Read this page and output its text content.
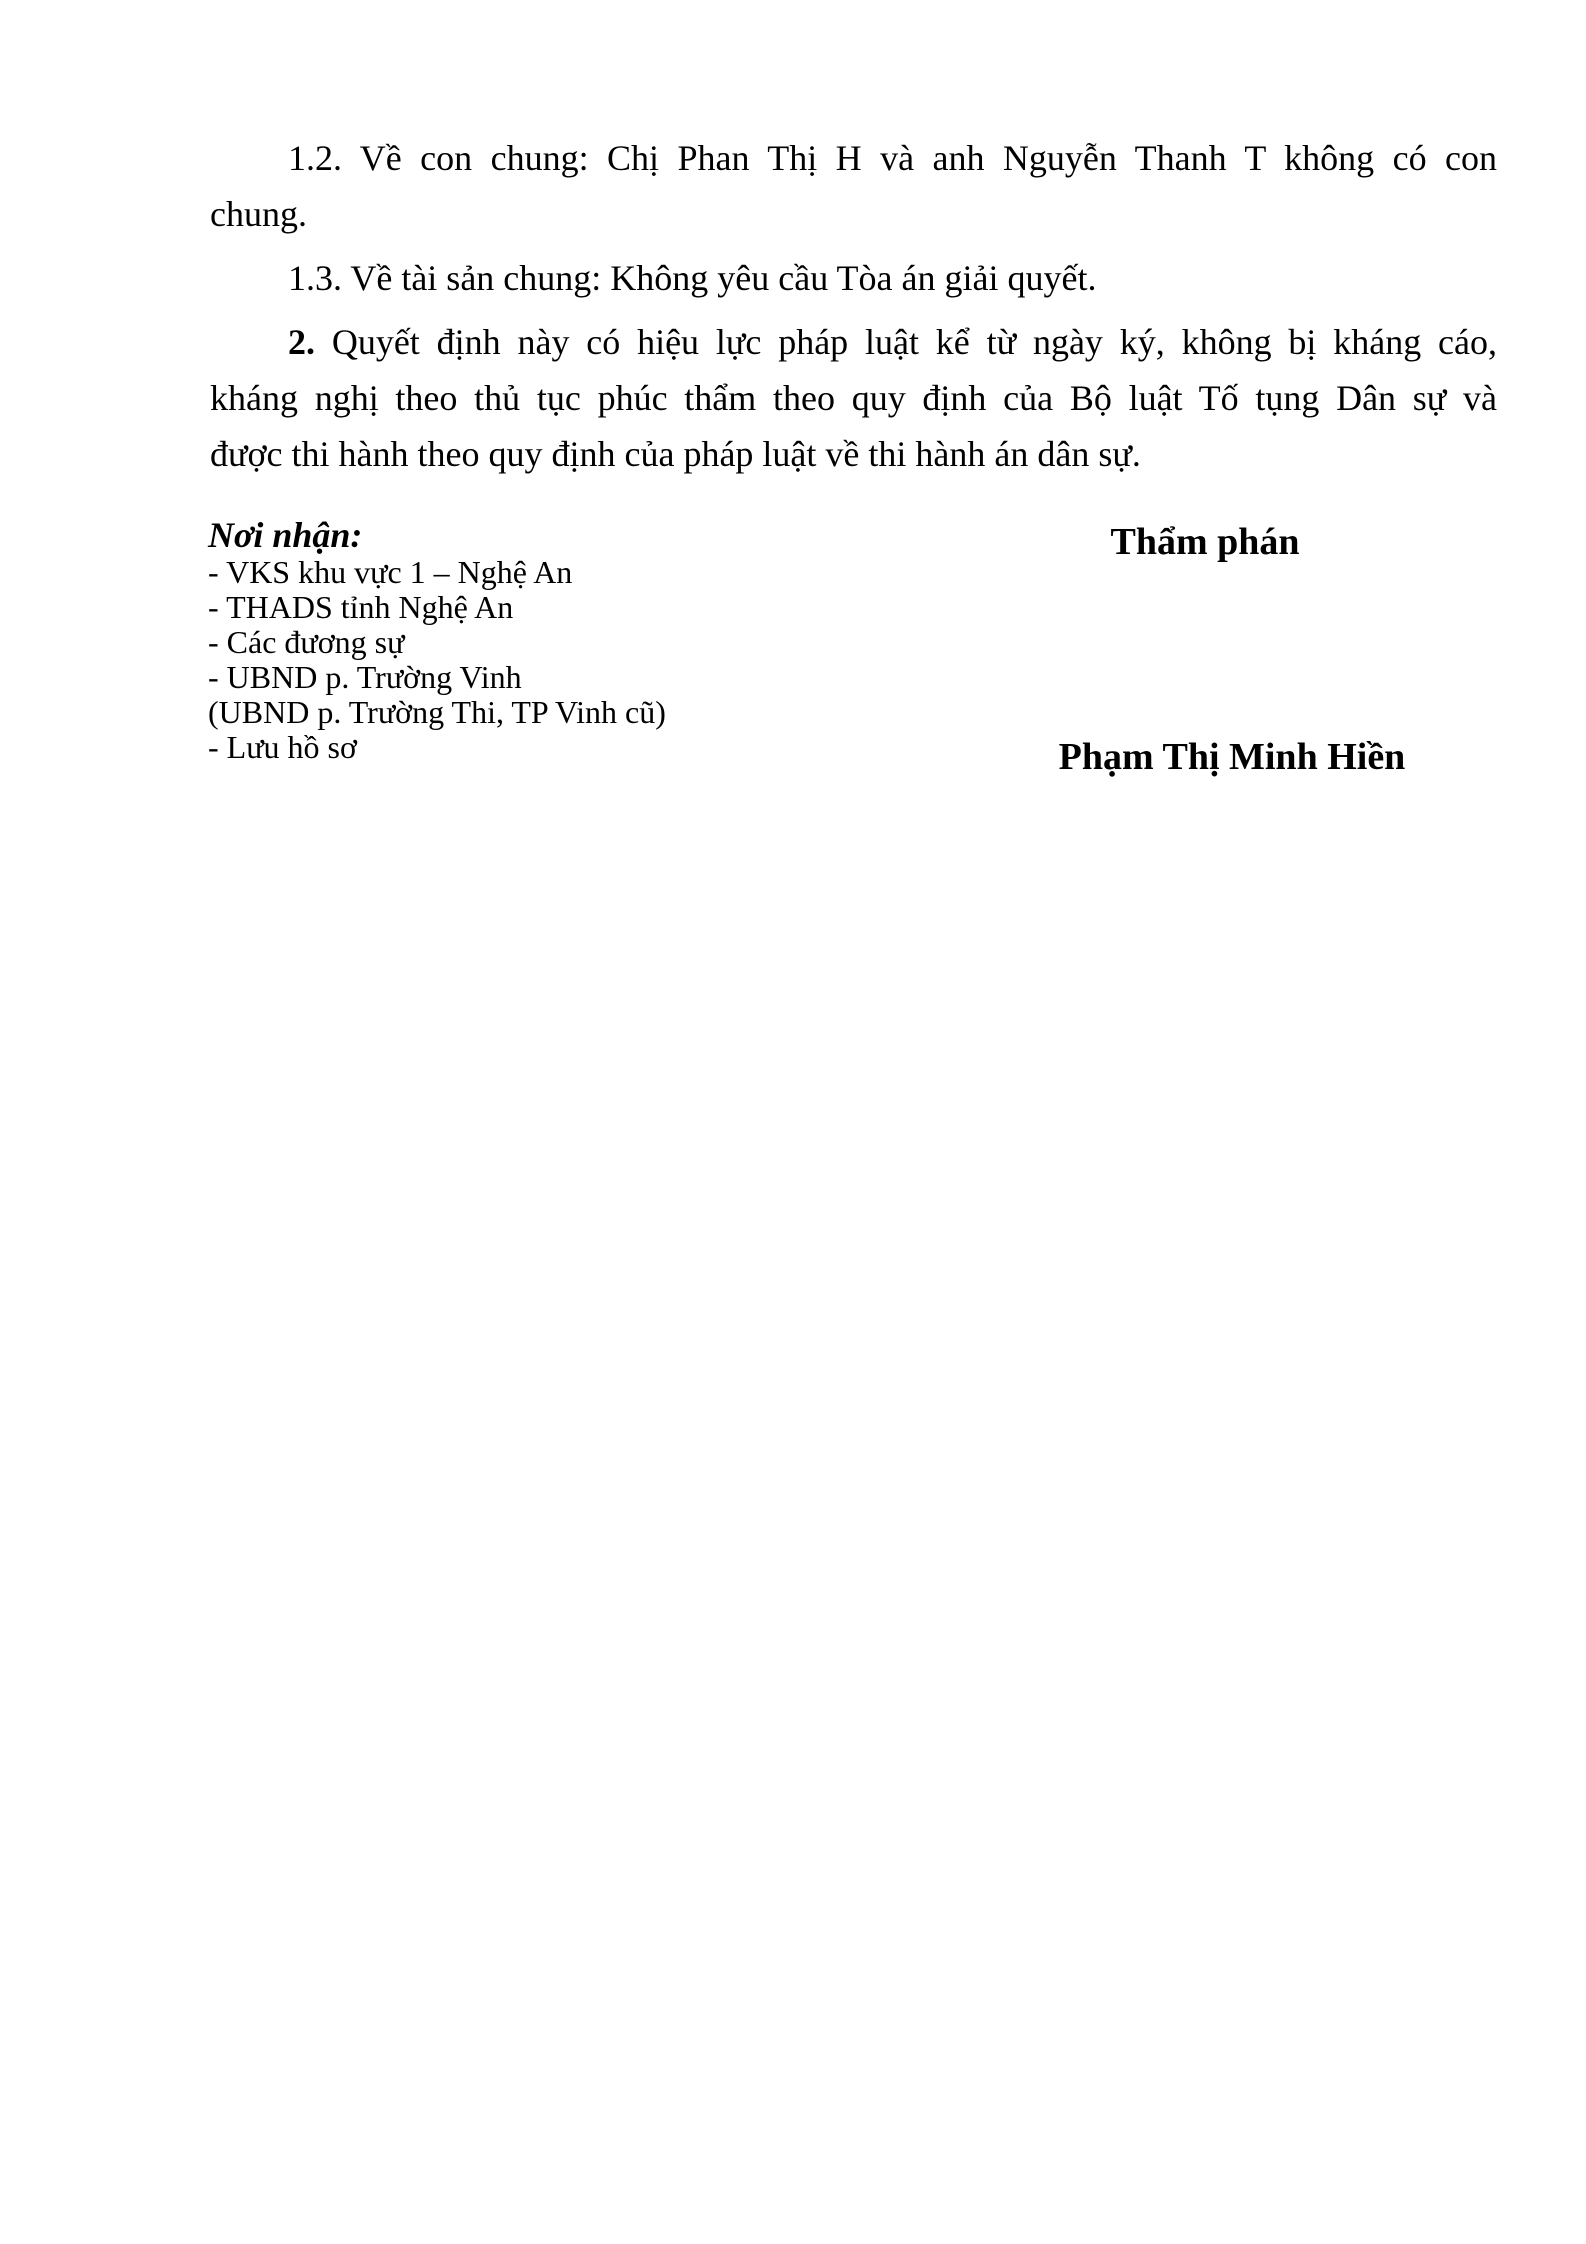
1.2. Về con chung: Chị Phan Thị H và anh Nguyễn Thanh T không có con
chung.
1.3. Về tài sản chung: Không yêu cầu Tòa án giải quyết.
2. Quyết định này có hiệu lực pháp luật kể từ ngày ký, không bị kháng cáo,
kháng nghị theo thủ tục phúc thẩm theo quy định của Bộ luật Tố tụng Dân sự và
được thi hành theo quy định của pháp luật về thi hành án dân sự.
Nơi nhận:
- VKS khu vực 1 – Nghệ An
- THADS tỉnh Nghệ An
- Các đương sự
- UBND p. Trường Vinh
(UBND p. Trường Thi, TP Vinh cũ)
- Lưu hồ sơ
Thẩm phán
Phạm Thị Minh Hiền
